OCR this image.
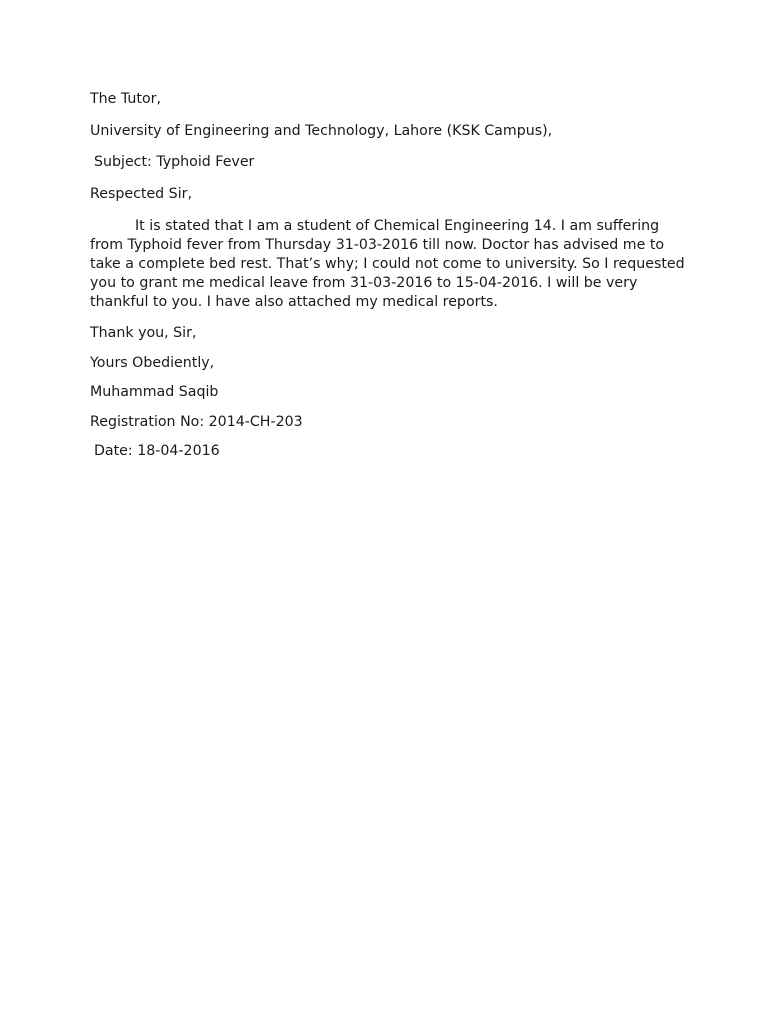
The Tutor,

University of Engineering and Technology, Lahore (KSK Campus),

Subject: Typhoid Fever

Respected Sir,

It is stated that I am a student of Chemical Engineering 14. I am suffering

from Typhoid fever from Thursday 31-03-2016 till now. Doctor has advised me to

take a complete bed rest. That’s why; I could not come to university. So I requested

you to grant me medical leave from 31-03-2016 to 15-04-2016. I will be very

thankful to you. I have also attached my medical reports.

Thank you, Sir,

Yours Obediently,

Muhammad Saqib

Registration No: 2014-CH-203

Date: 18-04-2016
